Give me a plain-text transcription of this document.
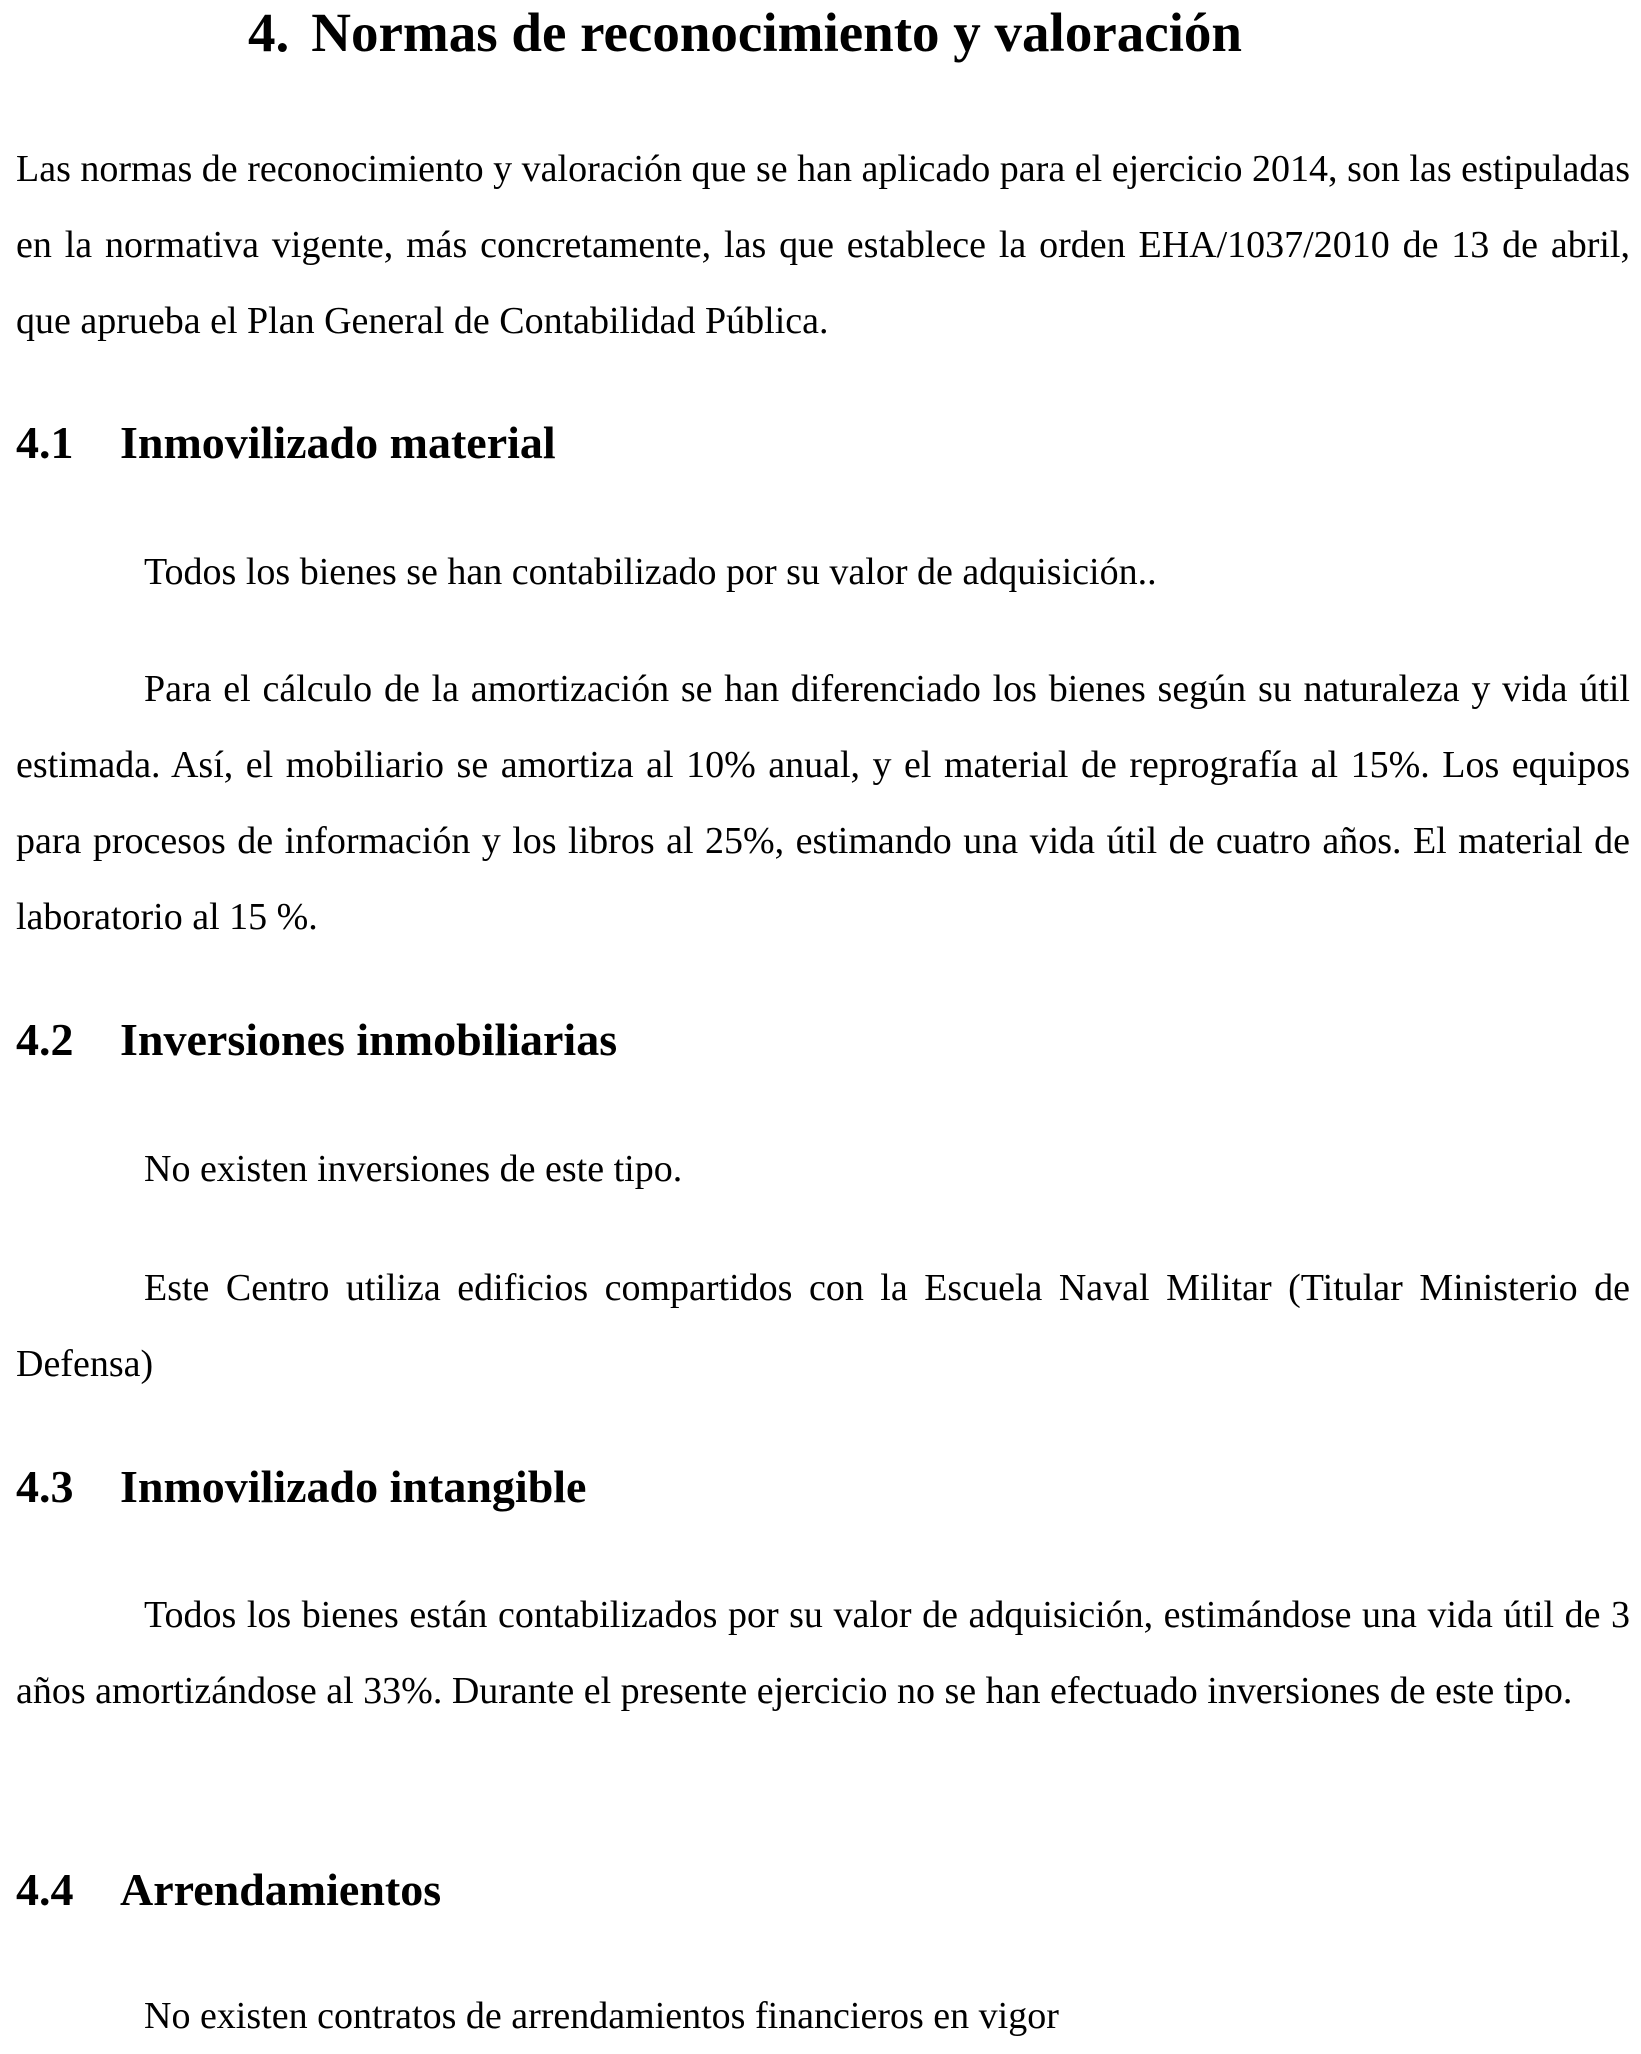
4. Normas de reconocimiento y valoración

Las normas de reconocimiento y valoración que se han aplicado para el ejercicio 2014, son las estipuladas en la normativa vigente, más concretamente, las que establece la orden EHA/1037/2010 de 13 de abril, que aprueba el Plan General de Contabilidad Pública.

4.1 Inmovilizado material

Todos los bienes se han contabilizado por su valor de adquisición..

Para el cálculo de la amortización se han diferenciado los bienes según su naturaleza y vida útil estimada. Así, el mobiliario se amortiza al 10% anual, y el material de reprografía al 15%. Los equipos para procesos de información y los libros al 25%, estimando una vida útil de cuatro años. El material de laboratorio al 15 %.

4.2 Inversiones inmobiliarias

No existen inversiones de este tipo.

Este Centro utiliza edificios compartidos con la Escuela Naval Militar (Titular Ministerio de Defensa)

4.3 Inmovilizado intangible

Todos los bienes están contabilizados por su valor de adquisición, estimándose una vida útil de 3 años amortizándose al 33%. Durante el presente ejercicio no se han efectuado inversiones de este tipo.

4.4 Arrendamientos

No existen contratos de arrendamientos financieros en vigor
